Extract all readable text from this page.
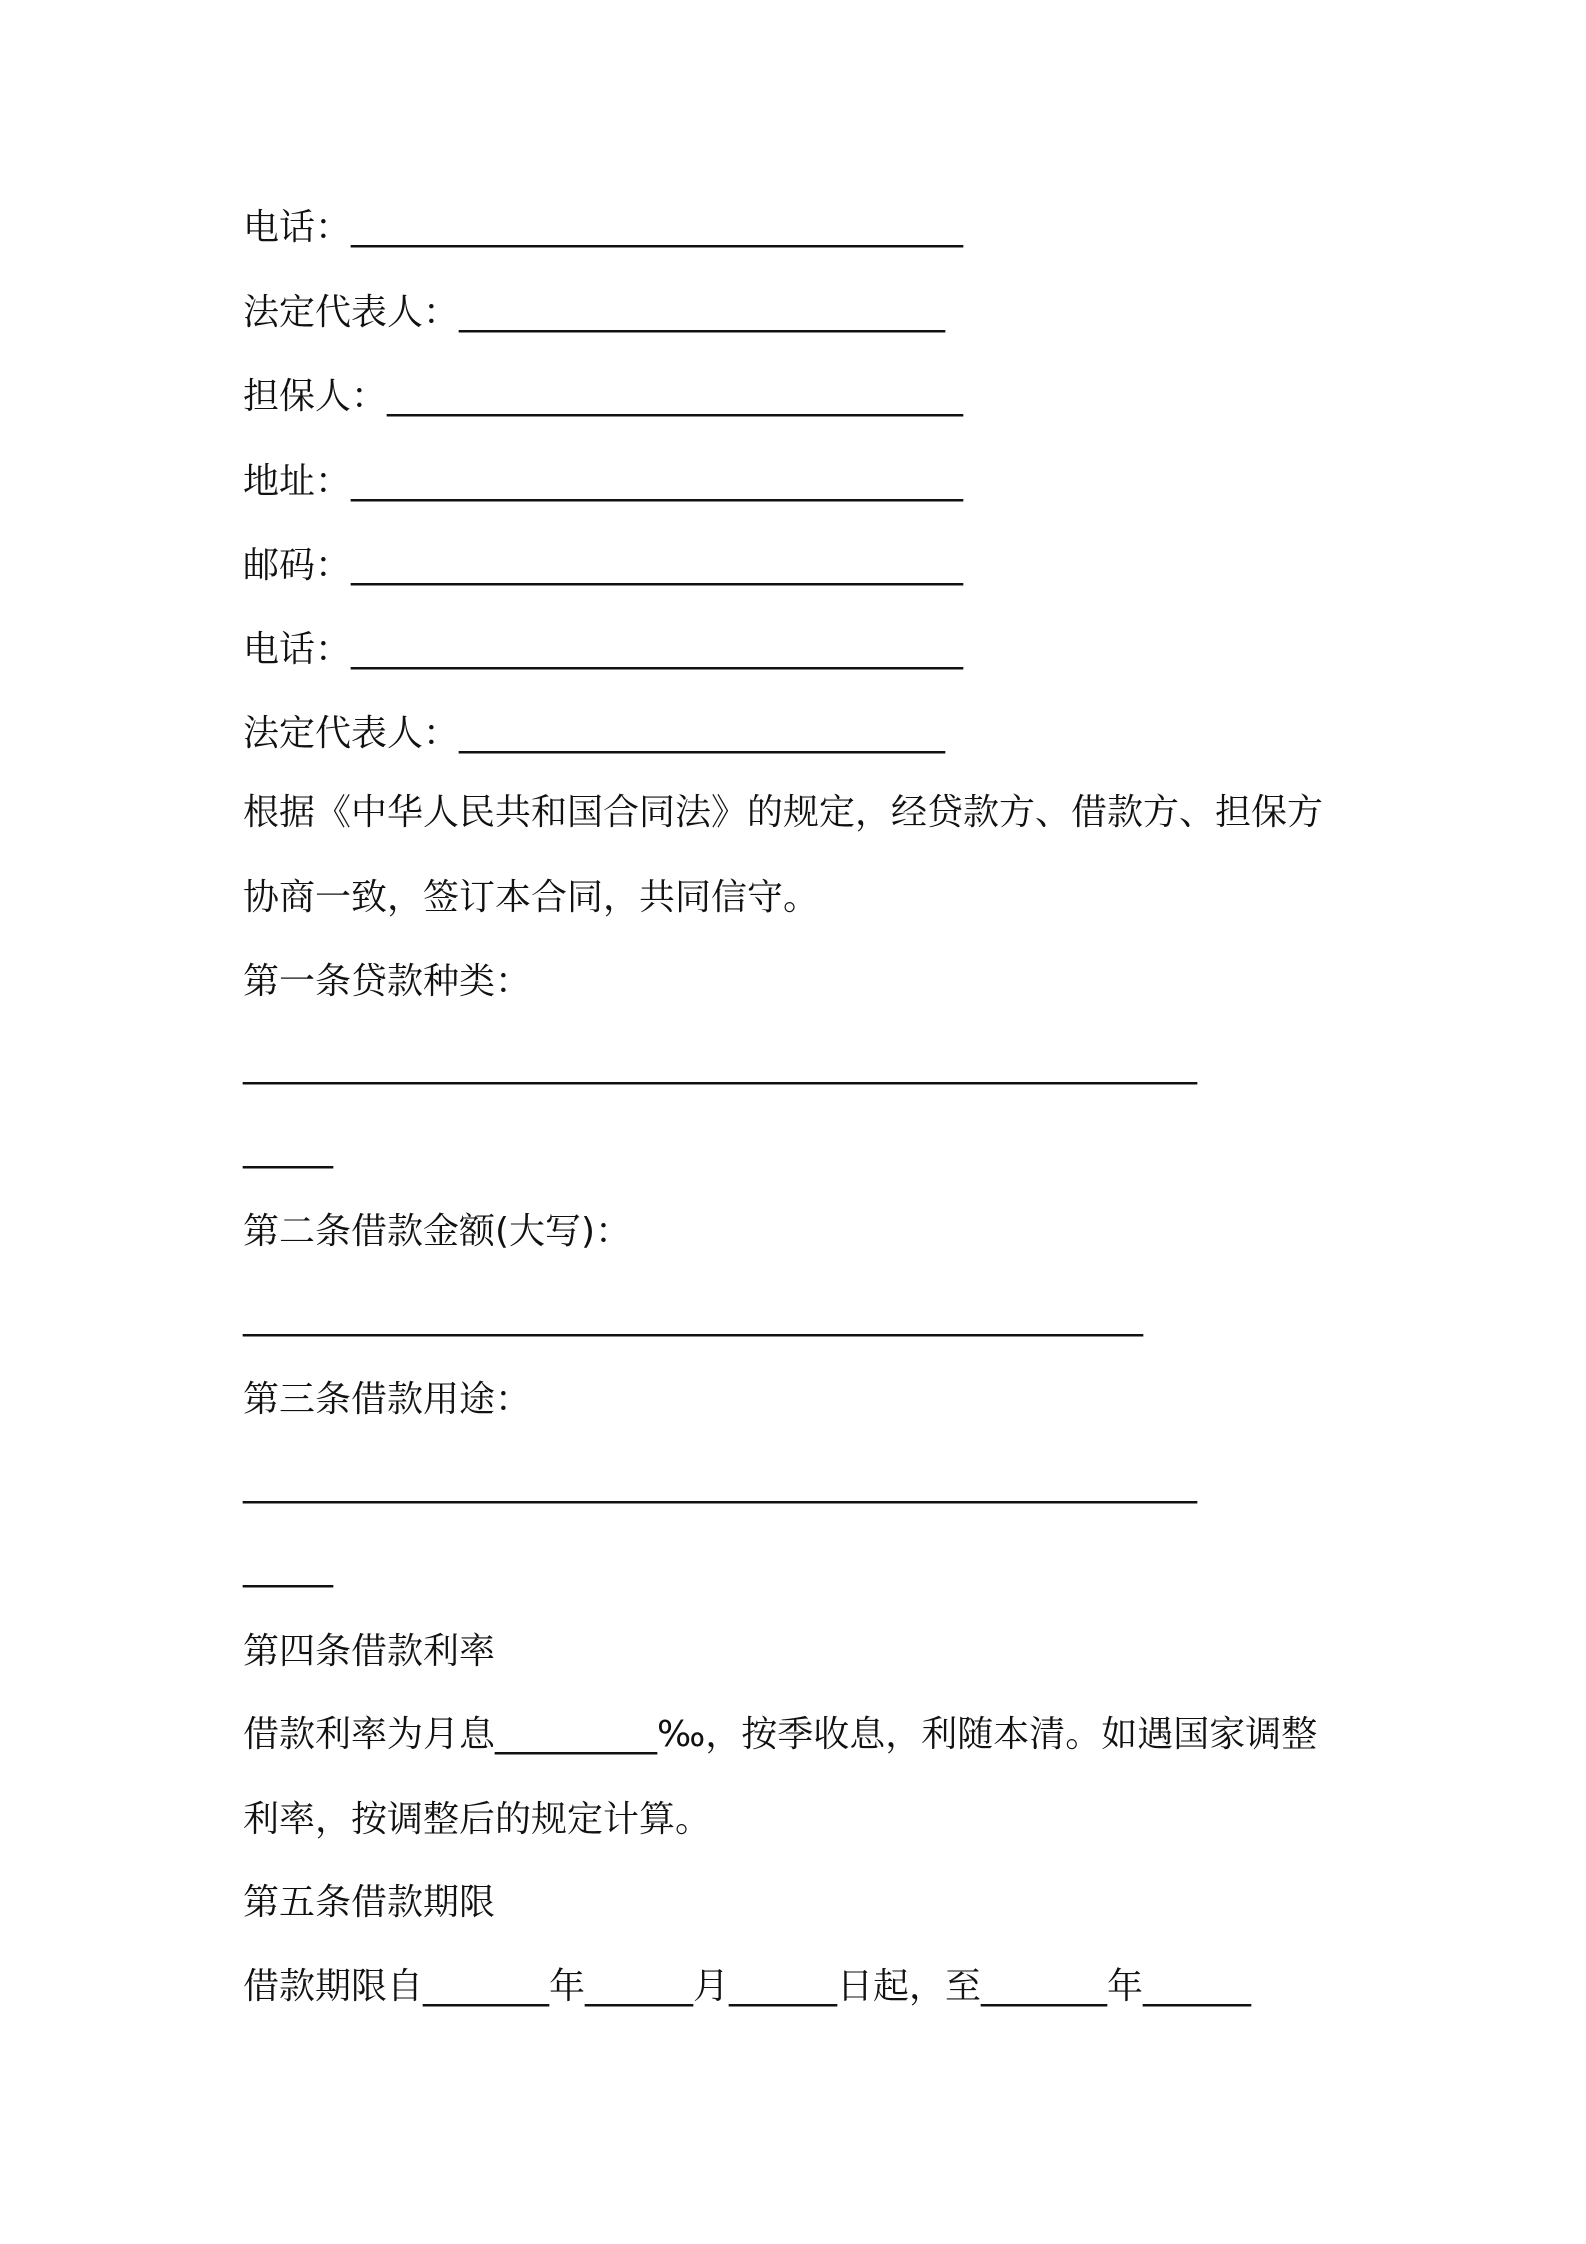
电话：__________________________________
法定代表人：___________________________
担保人：________________________________
地址：__________________________________
邮码：__________________________________
电话：__________________________________
法定代表人：___________________________
根据《中华人民共和国合同法》的规定，经贷款方、借款方、担保方
协商一致，签订本合同，共同信守。
第一条贷款种类：
_____________________________________________________
_____
第二条借款金额(大写)：
__________________________________________________
第三条借款用途：
_____________________________________________________
_____
第四条借款利率
借款利率为月息_________‰，按季收息，利随本清。如遇国家调整
利率，按调整后的规定计算。
第五条借款期限
借款期限自_______年______月______日起，至_______年______
